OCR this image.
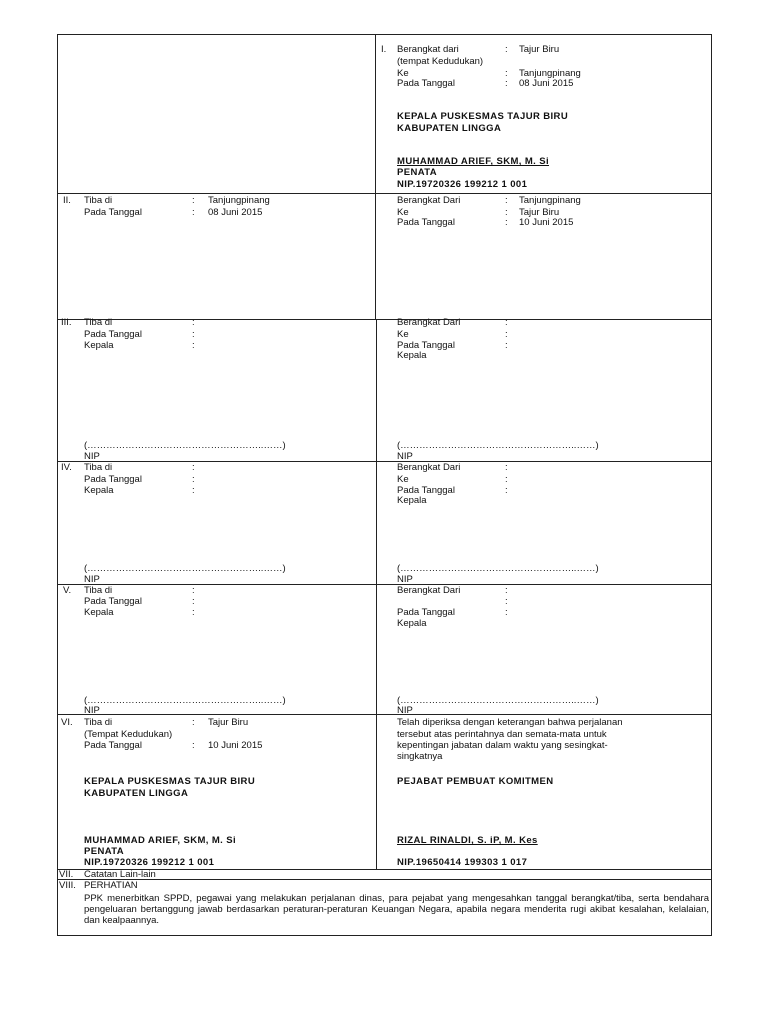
I. Berangkat dari	: Tajur Biru
(tempat Kedudukan)
Ke	: Tanjungpinang
Pada Tanggal	: 08 Juni 2015
KEPALA PUSKESMAS TAJUR BIRU
KABUPATEN LINGGA
MUHAMMAD ARIEF, SKM, M. Si
PENATA
NIP.19720326 199212 1 001
II. Tiba di	: Tanjungpinang
Pada Tanggal	: 08 Juni 2015
Berangkat Dari	: Tanjungpinang
Ke	: Tajur Biru
Pada Tanggal	: 10 Juni 2015
III. Tiba di	:
Pada Tanggal	:
Kepala	:
Berangkat Dari	:
Ke	:
Pada Tanggal	:
Kepala
(………………………………………………..……)
NIP
(………………………………………………..……)
NIP
IV. Tiba di	:
Pada Tanggal	:
Kepala	:
Berangkat Dari	:
Ke	:
Pada Tanggal	:
Kepala
(………………………………………………..……)
NIP
(………………………………………………..……)
NIP
V. Tiba di	:
Pada Tanggal	:
Kepala	:
Berangkat Dari	:
:
Pada Tanggal	:
Kepala
(………………………………………………..……)
NIP
(………………………………………………..……)
NIP
VI. Tiba di	: Tajur Biru
(Tempat Kedudukan)
Pada Tanggal	: 10 Juni 2015
KEPALA PUSKESMAS TAJUR BIRU
KABUPATEN LINGGA
MUHAMMAD ARIEF, SKM, M. Si
PENATA
NIP.19720326 199212 1 001
Telah diperiksa dengan keterangan bahwa perjalanan
tersebut atas perintahnya dan semata-mata untuk
kepentingan jabatan dalam waktu yang sesingkat-
singkatnya
PEJABAT PEMBUAT KOMITMEN
RIZAL RINALDI, S. iP, M. Kes
NIP.19650414 199303 1 017
VII. Catatan Lain-lain
VIII. PERHATIAN

PPK menerbitkan SPPD, pegawai yang melakukan perjalanan dinas, para pejabat yang mengesahkan tanggal berangkat/tiba, serta bendahara pengeluaran bertanggung jawab berdasarkan peraturan-peraturan Keuangan Negara, apabila negara menderita rugi akibat kesalahan, kelalaian, dan kealpaannya.
